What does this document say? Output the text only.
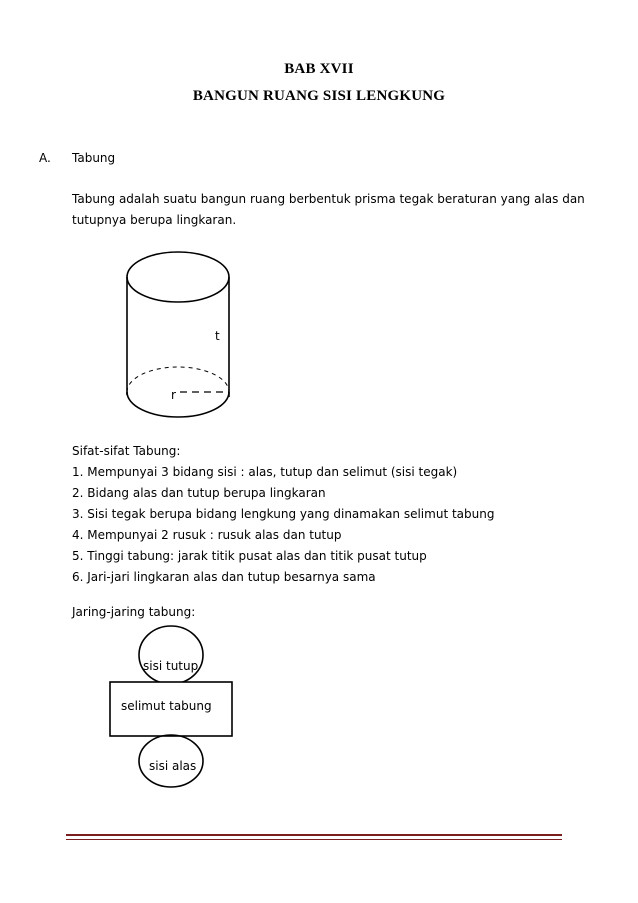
BAB XVII
BANGUN RUANG SISI LENGKUNG
A. Tabung
Tabung adalah suatu bangun ruang berbentuk prisma tegak beraturan yang alas dan
tutupnya berupa lingkaran.
t
r
sisi tutup
selimut tabung
sisi alas
Sifat-sifat Tabung:
1. Mempunyai 3 bidang sisi : alas, tutup dan selimut (sisi tegak)
2. Bidang alas dan tutup berupa lingkaran
3. Sisi tegak berupa bidang lengkung yang dinamakan selimut tabung
4. Mempunyai 2 rusuk : rusuk alas dan tutup
5. Tinggi tabung: jarak titik pusat alas dan titik pusat tutup
6. Jari-jari lingkaran alas dan tutup besarnya sama
Jaring-jaring tabung:
